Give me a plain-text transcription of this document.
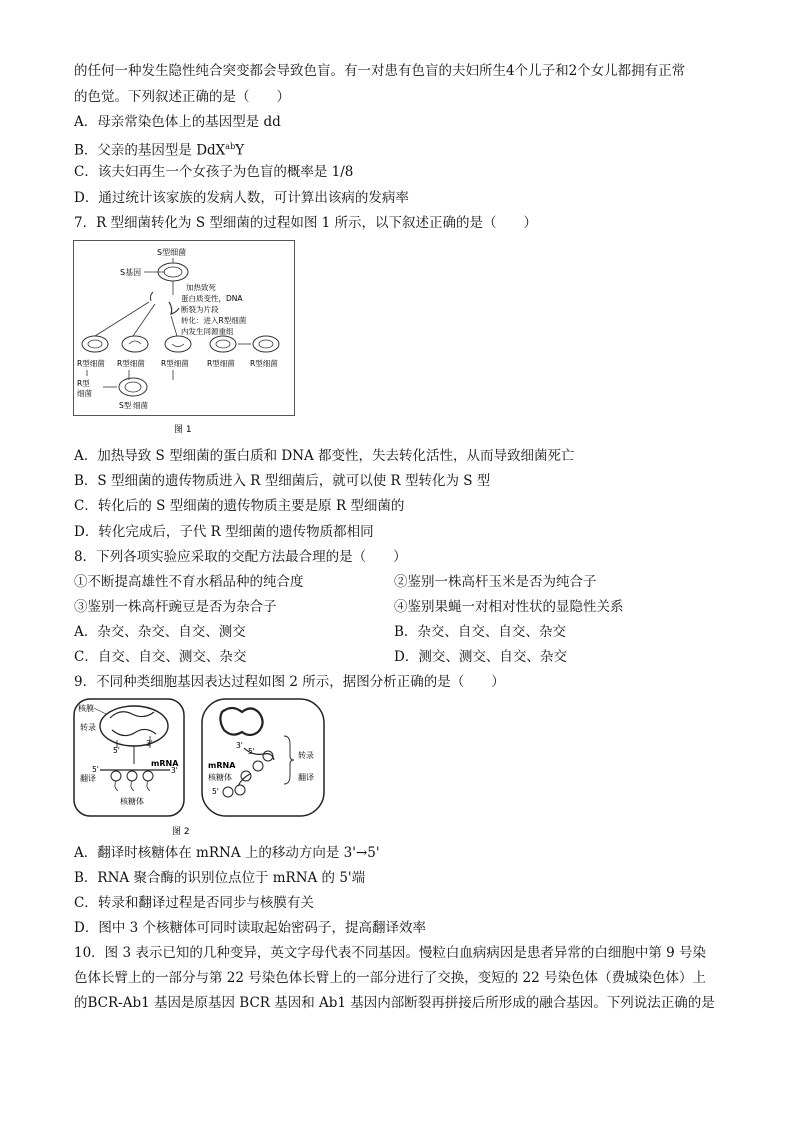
的任何一种发生隐性纯合突变都会导致色盲。有一对患有色盲的夫妇所生4个儿子和2个女儿都拥有正常
的色觉。下列叙述正确的是（　　）
A．母亲常染色体上的基因型是 dd
B．父亲的基因型是 DdX$^{ab}$Y
C．该夫妇再生一个女孩子为色盲的概率是 1/8
D．通过统计该家族的发病人数，可计算出该病的发病率
7．R 型细菌转化为 S 型细菌的过程如图 1 所示，以下叙述正确的是（　　）
S型细菌
S基因
加热致死
蛋白质变性，DNA
断裂为片段
转化：进入R型细菌
内发生同源重组
R型细菌 R型细菌 R型细菌 R型细菌 R型细菌
R型
细菌
S型 细菌
图 1
A．加热导致 S 型细菌的蛋白质和 DNA 都变性，失去转化活性，从而导致细菌死亡
B．S 型细菌的遗传物质进入 R 型细菌后，就可以使 R 型转化为 S 型
C．转化后的 S 型细菌的遗传物质主要是原 R 型细菌的
D．转化完成后，子代 R 型细菌的遗传物质都相同
8．下列各项实验应采取的交配方法最合理的是（　　）
①不断提高雄性不育水稻品种的纯合度	②鉴别一株高杆玉米是否为纯合子
③鉴别一株高杆豌豆是否为杂合子	④鉴别果蝇一对相对性状的显隐性关系
A．杂交、杂交、自交、测交	B．杂交、自交、自交、杂交
C．自交、自交、测交、杂交	D．测交、测交、自交、杂交
9．不同种类细胞基因表达过程如图 2 所示，据图分析正确的是（　　）
核膜
转录
5'
3'
mRNA
翻译
5'	3'
核糖体
3'
5'
mRNA
核糖体
5'
转录
翻译
图 2
A．翻译时核糖体在 mRNA 上的移动方向是 3'→5'
B．RNA 聚合酶的识别位点位于 mRNA 的 5'端
C．转录和翻译过程是否同步与核膜有关
D．图中 3 个核糖体可同时读取起始密码子，提高翻译效率
10．图 3 表示已知的几种变异，英文字母代表不同基因。慢粒白血病病因是患者异常的白细胞中第 9 号染
色体长臂上的一部分与第 22 号染色体长臂上的一部分进行了交换，变短的 22 号染色体（费城染色体）上
的BCR-Ab1 基因是原基因 BCR 基因和 Ab1 基因内部断裂再拼接后所形成的融合基因。下列说法正确的是
